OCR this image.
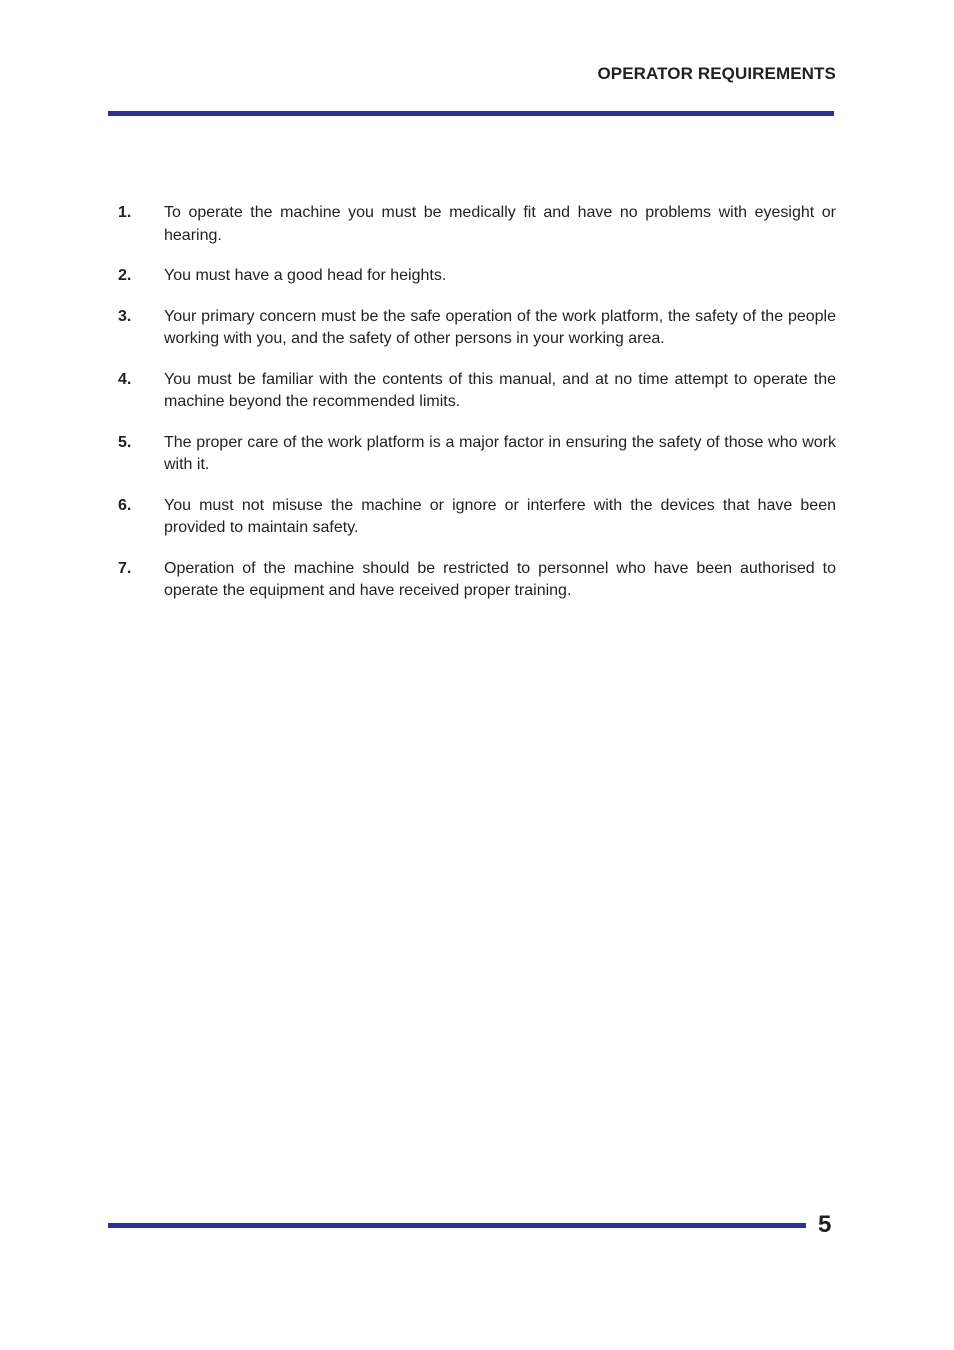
OPERATOR REQUIREMENTS
1.	To operate the machine you must be medically fit and have no problems with eyesight or hearing.
2.	You must have a good head for heights.
3.	Your primary concern must be the safe operation of the work platform, the safety of the people working with you, and the safety of other persons in your working area.
4.	You must be familiar with the contents of this manual, and at no time attempt to operate the machine beyond the recommended limits.
5.	The proper care of the work platform is a major factor in ensuring the safety of those who work with it.
6.	You must not misuse the machine or ignore or interfere with the devices that have been provided to maintain safety.
7.	Operation of the machine should be restricted to personnel who have been authorised to operate the equipment and have received proper training.
5
